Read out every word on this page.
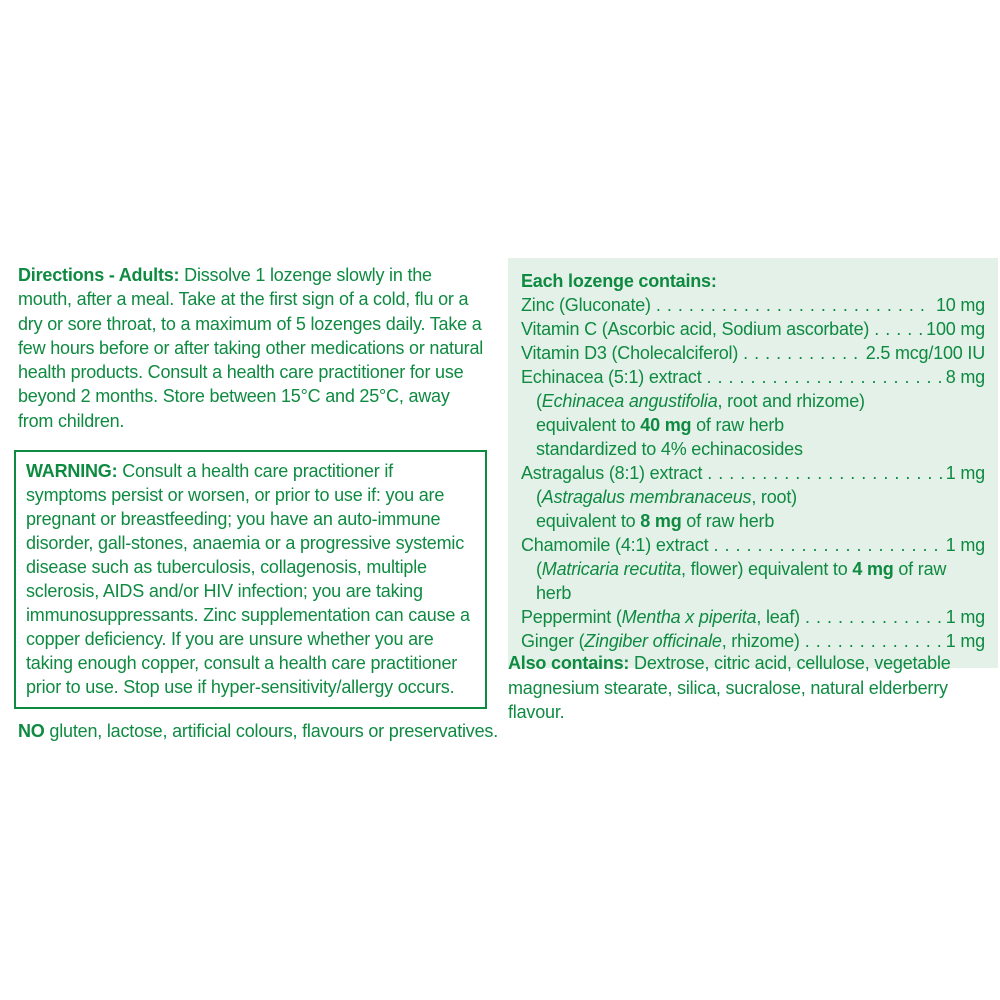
Directions - Adults: Dissolve 1 lozenge slowly in the mouth, after a meal. Take at the first sign of a cold, flu or a dry or sore throat, to a maximum of 5 lozenges daily. Take a few hours before or after taking other medications or natural health products. Consult a health care practitioner for use beyond 2 months. Store between 15°C and 25°C, away from children.

WARNING: Consult a health care practitioner if symptoms persist or worsen, or prior to use if: you are pregnant or breastfeeding; you have an auto-immune disorder, gall-stones, anaemia or a progressive systemic disease such as tuberculosis, collagenosis, multiple sclerosis, AIDS and/or HIV infection; you are taking immunosuppressants. Zinc supplementation can cause a copper deficiency. If you are unsure whether you are taking enough copper, consult a health care practitioner prior to use. Stop use if hyper-sensitivity/allergy occurs.

NO gluten, lactose, artificial colours, flavours or preservatives.

Each lozenge contains:

Zinc (Gluconate) . . .	10 mg
Vitamin C (Ascorbic acid, Sodium ascorbate) . . .	100 mg
Vitamin D3 (Cholecalciferol) . . .	2.5 mcg/100 IU
Echinacea (5:1) extract . . .	8 mg
(Echinacea angustifolia, root and rhizome)
equivalent to 40 mg of raw herb
standardized to 4% echinacosides
Astragalus (8:1) extract . . .	1 mg
(Astragalus membranaceus, root)
equivalent to 8 mg of raw herb
Chamomile (4:1) extract . . .	1 mg
(Matricaria recutita, flower) equivalent to 4 mg of raw herb
Peppermint (Mentha x piperita, leaf) . . .	1 mg
Ginger (Zingiber officinale, rhizome) . . .	1 mg

Also contains: Dextrose, citric acid, cellulose, vegetable magnesium stearate, silica, sucralose, natural elderberry flavour.
